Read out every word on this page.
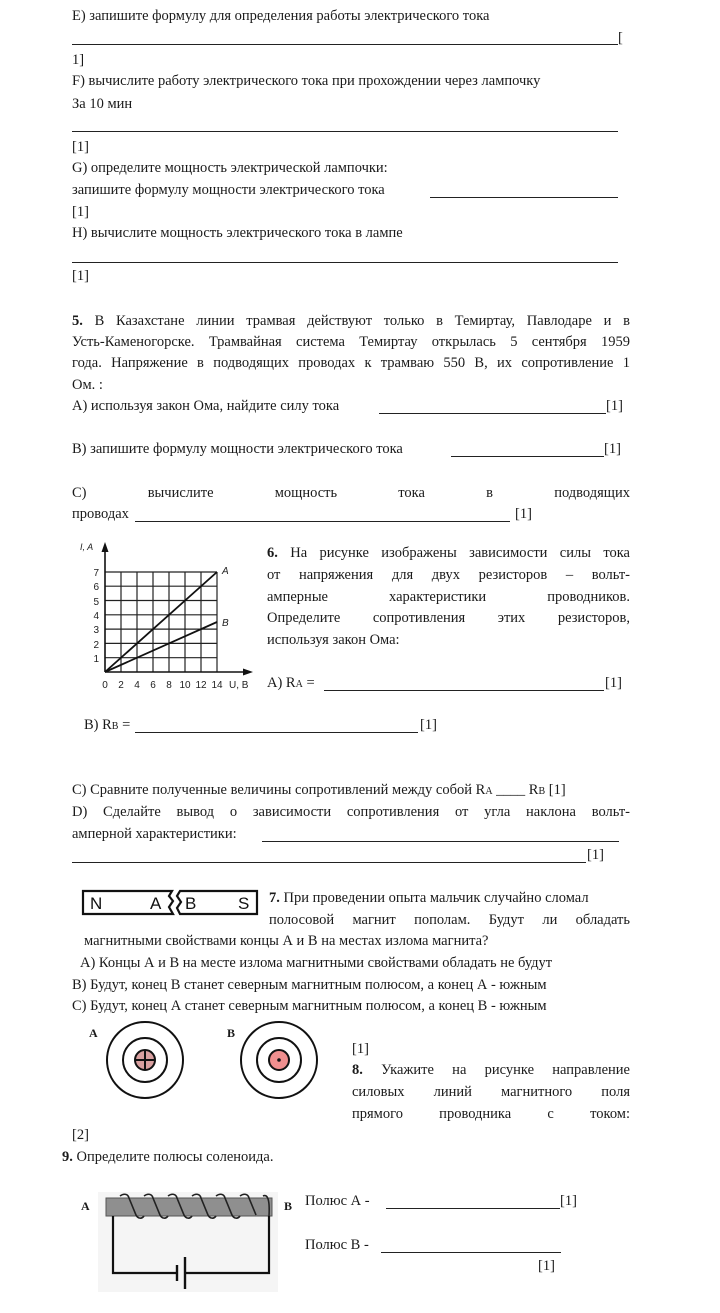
E) запишите формулу для определения работы электрического тока
[
1]
F) вычислите работу электрического тока при прохождении через лампочку
За 10 мин
[1]
G) определите мощность электрической лампочки:
запишите формулу мощности электрического тока
[1]
H) вычислите мощность электрического тока в лампе
[1]
5. В Казахстане линии трамвая действуют только в Темиртау, Павлодаре и в
Усть-Каменогорске. Трамвайная система Темиртау открылась 5 сентября 1959
года. Напряжение в подводящих проводах к трамваю 550 В, их сопротивление 1
Ом. :
A) используя закон Ома, найдите силу тока	[1]
B) запишите формулу мощности электрического тока	[1]
C)	вычислите	мощность	тока	в	подводящих
проводах	[1]
A
B
1
2
3
4
5
6
7
I, A
0 2 4 6 8 10 12 14 U, B
6. На рисунке изображены зависимости силы тока
от напряжения для двух резисторов – вольт-
амперные характеристики проводников.
Определите сопротивления этих резисторов,
используя закон Ома:
A) RA =	[1]
B) RB =	[1]
C) Сравните полученные величины сопротивлений между собой RA ____ RB [1]
D) Сделайте вывод о зависимости сопротивления от угла наклона вольт-
амперной характеристики:
[1]
N	A B S 7. При проведении опыта мальчик случайно сломал
полосовой магнит пополам. Будут ли обладать
магнитными свойствами концы А и В на местах излома магнита?
A) Концы А и В на месте излома магнитными свойствами обладать не будут
B) Будут, конец В станет северным магнитным полюсом, а конец А - южным
C) Будут, конец А станет северным магнитным полюсом, а конец В - южным
A	B
[1]
8. Укажите на рисунке направление
силовых линий магнитного поля
прямого проводника с током:
[2]
9. Определите полюсы соленоида.
A	B Полюс А -	[1]
Полюс В -
[1]
